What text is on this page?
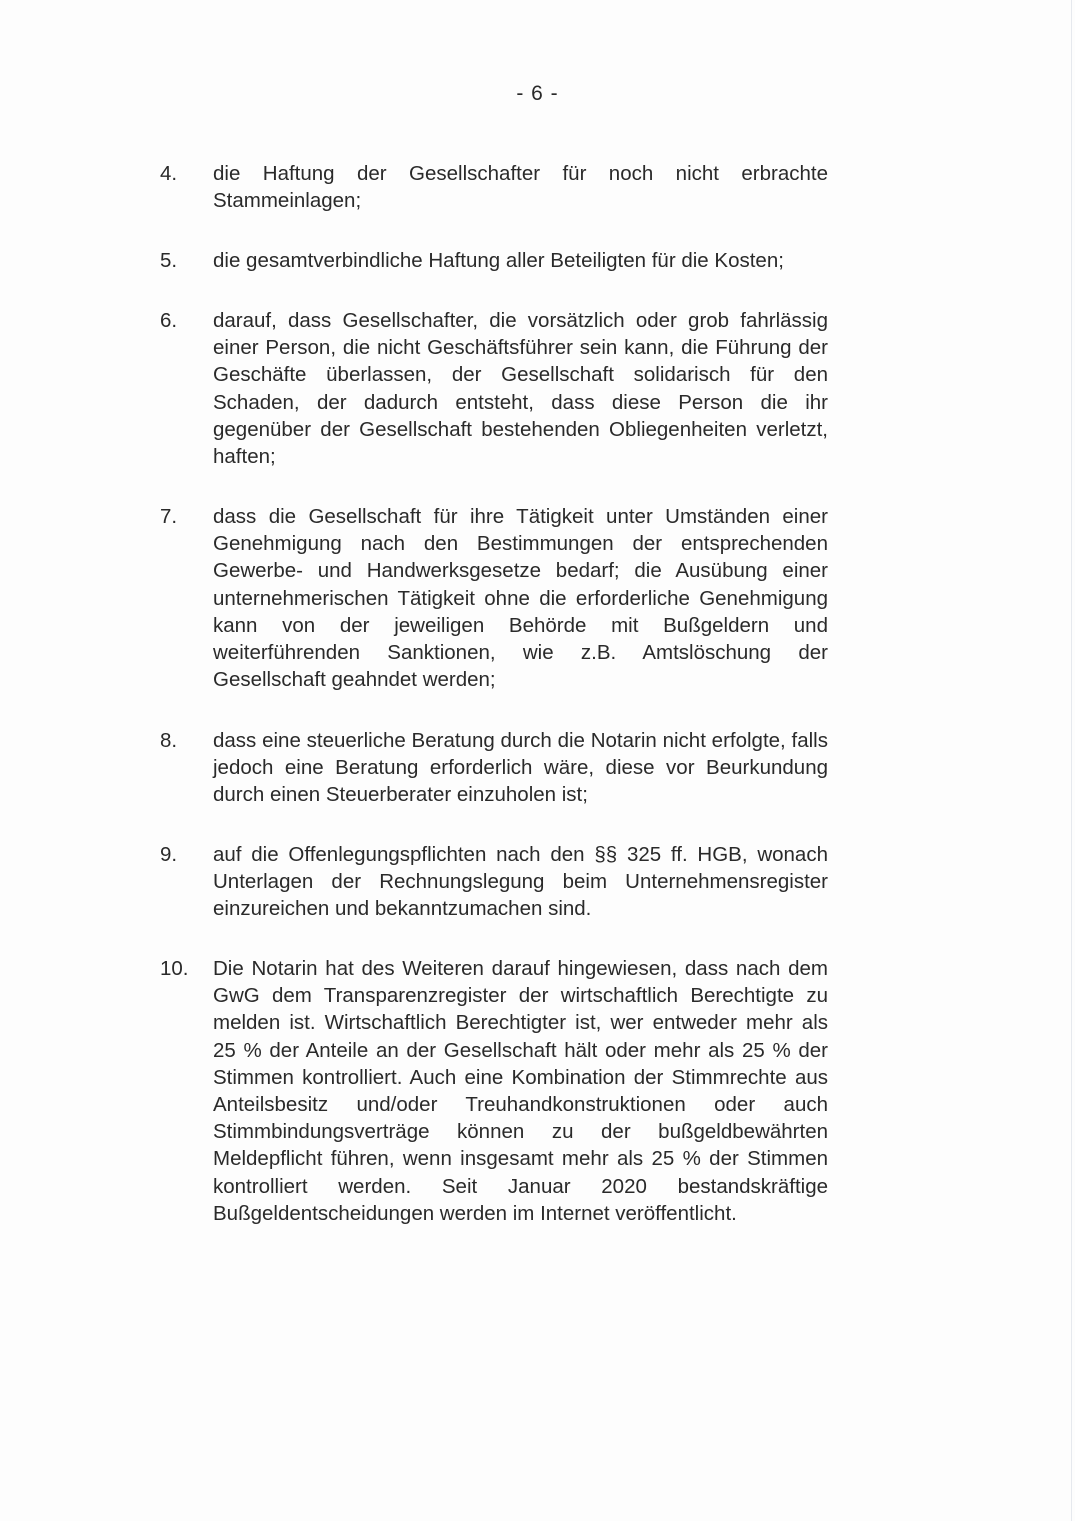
- 6 -
4. die Haftung der Gesellschafter für noch nicht erbrachte Stammeinlagen;
5. die gesamtverbindliche Haftung aller Beteiligten für die Kosten;
6. darauf, dass Gesellschafter, die vorsätzlich oder grob fahrlässig einer Person, die nicht Geschäftsführer sein kann, die Führung der Geschäfte überlassen, der Gesellschaft solidarisch für den Schaden, der dadurch entsteht, dass diese Person die ihr gegenüber der Gesellschaft bestehenden Obliegenheiten verletzt, haften;
7. dass die Gesellschaft für ihre Tätigkeit unter Umständen einer Genehmigung nach den Bestimmungen der entsprechenden Gewerbe- und Handwerksgesetze bedarf; die Ausübung einer unternehmerischen Tätigkeit ohne die erforderliche Genehmigung kann von der jeweiligen Behörde mit Bußgeldern und weiterführenden Sanktionen, wie z.B. Amtslöschung der Gesellschaft geahndet werden;
8. dass eine steuerliche Beratung durch die Notarin nicht erfolgte, falls jedoch eine Beratung erforderlich wäre, diese vor Beurkundung durch einen Steuerberater einzuholen ist;
9. auf die Offenlegungspflichten nach den §§ 325 ff. HGB, wonach Unterlagen der Rechnungslegung beim Unternehmensregister einzureichen und bekanntzumachen sind.
10. Die Notarin hat des Weiteren darauf hingewiesen, dass nach dem GwG dem Transparenzregister der wirtschaftlich Berechtigte zu melden ist. Wirtschaftlich Berechtigter ist, wer entweder mehr als 25 % der Anteile an der Gesellschaft hält oder mehr als 25 % der Stimmen kontrolliert. Auch eine Kombination der Stimmrechte aus Anteilsbesitz und/oder Treuhandkonstruktionen oder auch Stimmbindungsverträge können zu der bußgeldbewährten Meldepflicht führen, wenn insgesamt mehr als 25 % der Stimmen kontrolliert werden. Seit Januar 2020 bestandskräftige Bußgeldentscheidungen werden im Internet veröffentlicht.
